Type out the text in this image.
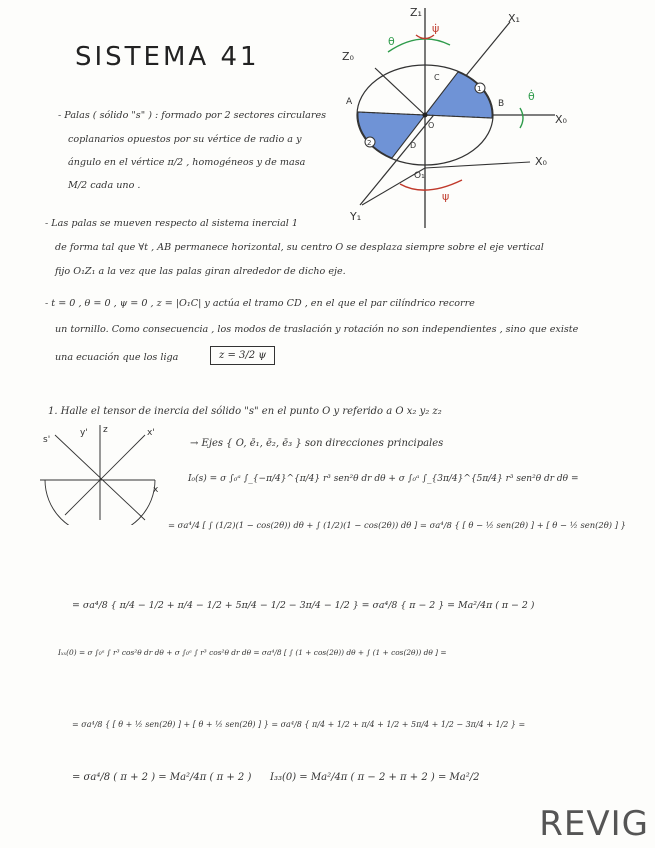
SISTEMA 41
Z₁	X₁
Z₀
X₀
X₀
Y₁
A	B
C
D
O
O₁
1
2
θ
θ̇
ψ̇
ψ
- Palas ( sólido "s" ) : formado por 2 sectores circulares
coplanarios opuestos por su vértice de radio a y
ángulo en el vértice π/2 , homogéneos y de masa
M/2 cada uno .
- Las palas se mueven respecto al sistema inercial 1
de forma tal que ∀t , AB permanece horizontal, su centro O se desplaza siempre sobre el eje vertical
fijo O₁Z₁ a la vez que las palas giran alrededor de dicho eje.
- t = 0 , θ = 0 , ψ = 0 , z = |O₁C| y actúa el tramo CD , en el que el par cilíndrico recorre
un tornillo. Como consecuencia , los modos de traslación y rotación no son independientes , sino que existe
una ecuación que los liga	z = 3/2 ψ
1. Halle el tensor de inercia del sólido "s" en el punto O y referido a O x₂ y₂ z₂
z
x
x'
y'
s'	→ Ejes { O, ē₁, ē₂, ē₃ } son direcciones principales
I₀(s) = σ ∫₀ᵃ ∫_{−π/4}^{π/4} r³ sen²θ dr dθ + σ ∫₀ᵃ ∫_{3π/4}^{5π/4} r³ sen²θ dr dθ =
= σa⁴/4 [ ∫ (1/2)(1 − cos(2θ)) dθ + ∫ (1/2)(1 − cos(2θ)) dθ ] = σa⁴/8 { [ θ − ½ sen(2θ) ] + [ θ − ½ sen(2θ) ] }
= σa⁴/8 { π/4 − 1/2 + π/4 − 1/2 + 5π/4 − 1/2 − 3π/4 − 1/2 } = σa⁴/8 { π − 2 } = Ma²/4π ( π − 2 )
Iₓₓ(0) = σ ∫₀ᵃ ∫ r³ cos²θ dr dθ + σ ∫₀ᵃ ∫ r³ cos²θ dr dθ = σa⁴/8 [ ∫ (1 + cos(2θ)) dθ + ∫ (1 + cos(2θ)) dθ ] =
= σa⁴/8 { [ θ + ½ sen(2θ) ] + [ θ + ½ sen(2θ) ] } = σa⁴/8 { π/4 + 1/2 + π/4 + 1/2 + 5π/4 + 1/2 − 3π/4 + 1/2 } =
= σa⁴/8 ( π + 2 ) = Ma²/4π ( π + 2 ) I₃₃(0) = Ma²/4π ( π − 2 + π + 2 ) = Ma²/2
REVIG
